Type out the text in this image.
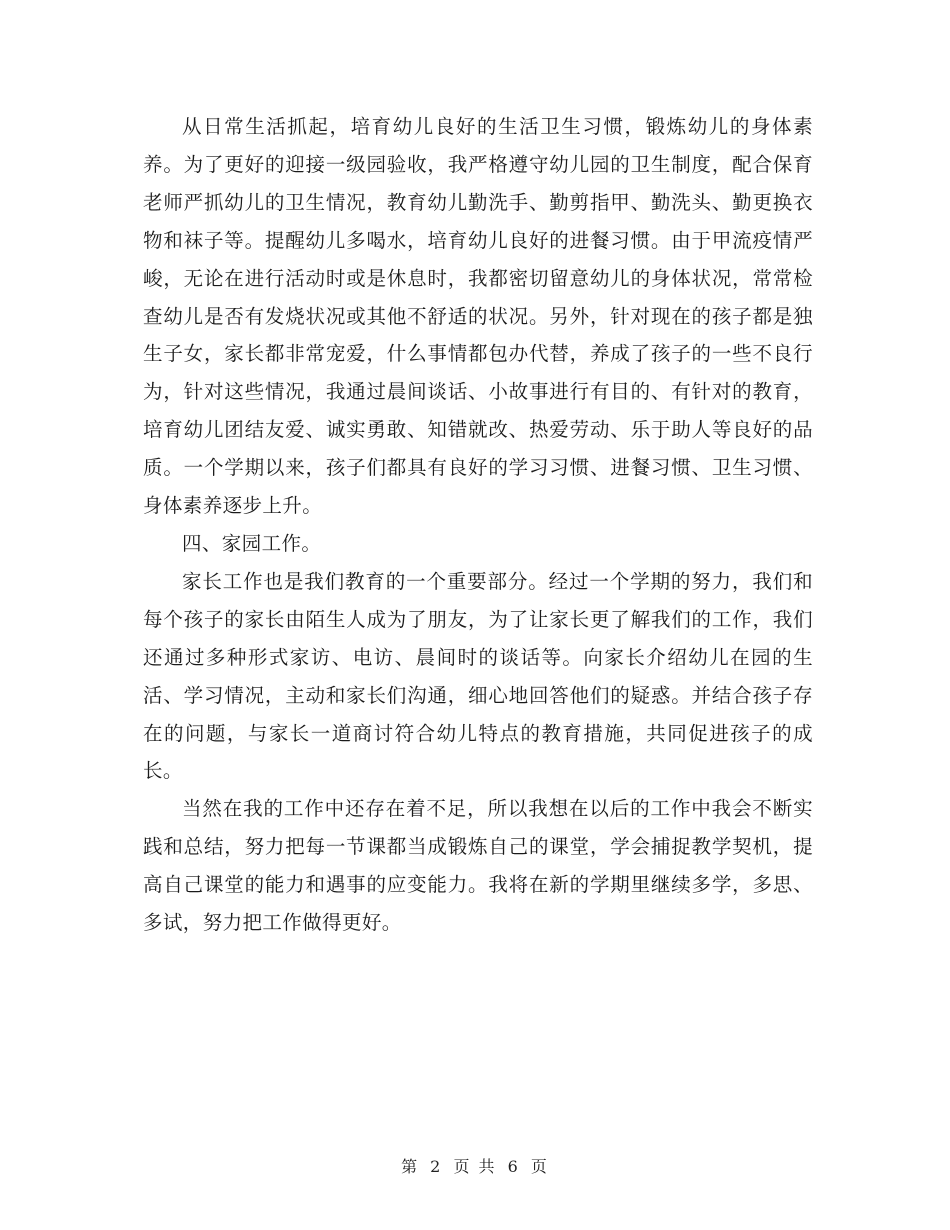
从日常生活抓起，培育幼儿良好的生活卫生习惯，锻炼幼儿的身体素养。为了更好的迎接一级园验收，我严格遵守幼儿园的卫生制度，配合保育老师严抓幼儿的卫生情况，教育幼儿勤洗手、勤剪指甲、勤洗头、勤更换衣物和袜子等。提醒幼儿多喝水，培育幼儿良好的进餐习惯。由于甲流疫情严峻，无论在进行活动时或是休息时，我都密切留意幼儿的身体状况，常常检查幼儿是否有发烧状况或其他不舒适的状况。另外，针对现在的孩子都是独生子女，家长都非常宠爱，什么事情都包办代替，养成了孩子的一些不良行为，针对这些情况，我通过晨间谈话、小故事进行有目的、有针对的教育，培育幼儿团结友爱、诚实勇敢、知错就改、热爱劳动、乐于助人等良好的品质。一个学期以来，孩子们都具有良好的学习习惯、进餐习惯、卫生习惯、身体素养逐步上升。

四、家园工作。

家长工作也是我们教育的一个重要部分。经过一个学期的努力，我们和每个孩子的家长由陌生人成为了朋友，为了让家长更了解我们的工作，我们还通过多种形式家访、电访、晨间时的谈话等。向家长介绍幼儿在园的生活、学习情况，主动和家长们沟通，细心地回答他们的疑惑。并结合孩子存在的问题，与家长一道商讨符合幼儿特点的教育措施，共同促进孩子的成长。

当然在我的工作中还存在着不足，所以我想在以后的工作中我会不断实践和总结，努力把每一节课都当成锻炼自己的课堂，学会捕捉教学契机，提高自己课堂的能力和遇事的应变能力。我将在新的学期里继续多学，多思、多试，努力把工作做得更好。

第 2 页 共 6 页
